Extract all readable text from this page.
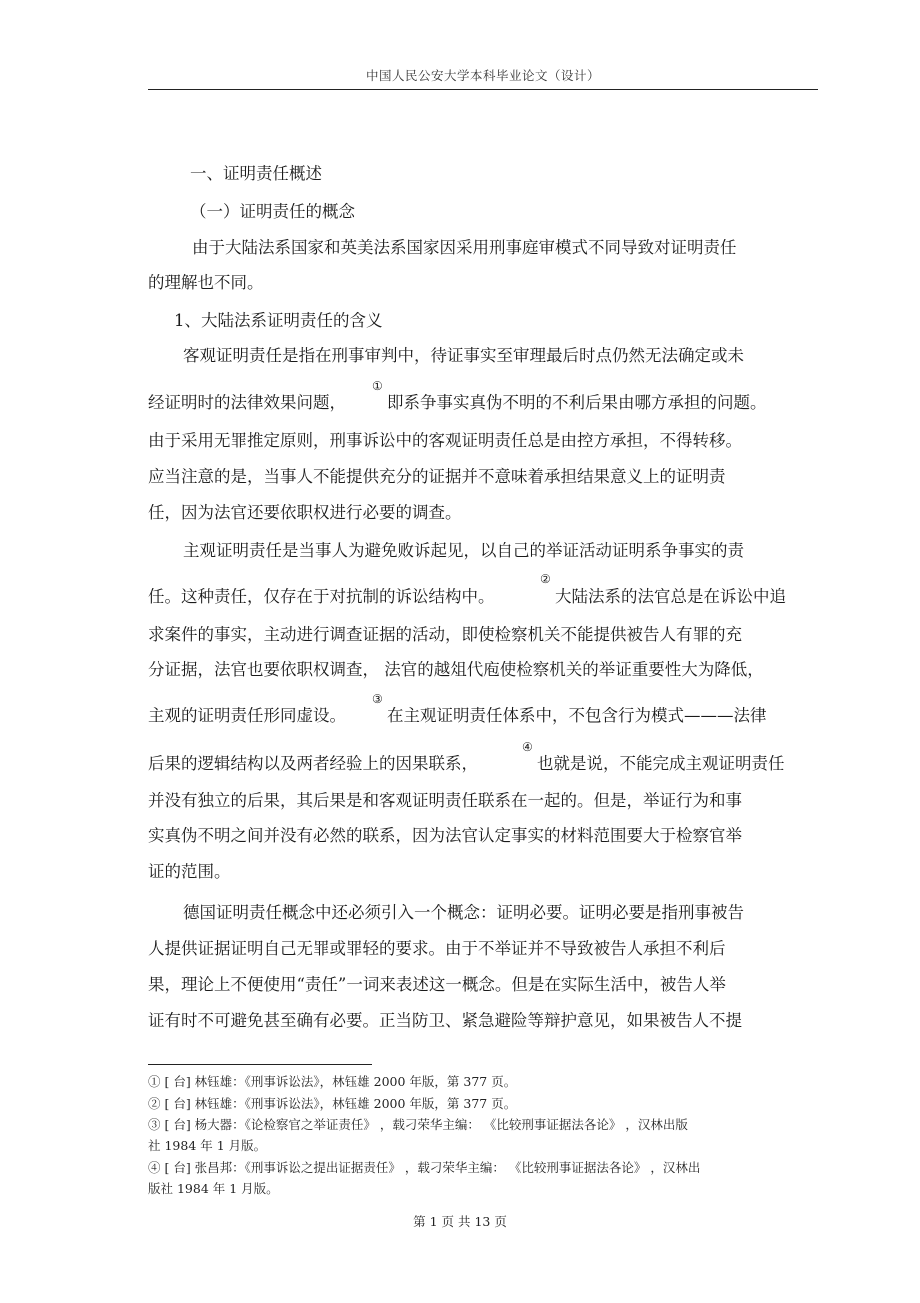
中国人民公安大学本科毕业论文（设计）
一、证明责任概述
（一）证明责任的概念
由于大陆法系国家和英美法系国家因采用刑事庭审模式不同导致对证明责任
的理解也不同。
1、大陆法系证明责任的含义
客观证明责任是指在刑事审判中，待证事实至审理最后时点仍然无法确定或未
经证明时的法律效果问题，
①
即系争事实真伪不明的不利后果由哪方承担的问题。
由于采用无罪推定原则，刑事诉讼中的客观证明责任总是由控方承担，不得转移。
应当注意的是，当事人不能提供充分的证据并不意味着承担结果意义上的证明责
任，因为法官还要依职权进行必要的调查。
主观证明责任是当事人为避免败诉起见，以自己的举证活动证明系争事实的责
任。这种责任，仅存在于对抗制的诉讼结构中。
②
大陆法系的法官总是在诉讼中追
求案件的事实，主动进行调查证据的活动，即使检察机关不能提供被告人有罪的充
分证据，法官也要依职权调查， 法官的越俎代庖使检察机关的举证重要性大为降低，
主观的证明责任形同虚设。
③
在主观证明责任体系中，不包含行为模式———法律
后果的逻辑结构以及两者经验上的因果联系，
④
也就是说，不能完成主观证明责任
并没有独立的后果，其后果是和客观证明责任联系在一起的。但是，举证行为和事
实真伪不明之间并没有必然的联系，因为法官认定事实的材料范围要大于检察官举
证的范围。
德国证明责任概念中还必须引入一个概念：证明必要。证明必要是指刑事被告
人提供证据证明自己无罪或罪轻的要求。由于不举证并不导致被告人承担不利后
果，理论上不便使用“责任”一词来表述这一概念。但是在实际生活中，被告人举
证有时不可避免甚至确有必要。正当防卫、紧急避险等辩护意见，如果被告人不提
① [ 台] 林钰雄：《刑事诉讼法》，林钰雄 2000 年版，第 377 页。
② [ 台] 林钰雄：《刑事诉讼法》，林钰雄 2000 年版，第 377 页。
③ [ 台] 杨大器：《论检察官之举证责任》 ，载刁荣华主编： 《比较刑事证据法各论》 ，汉林出版
社 1984 年 1 月版。
④ [ 台] 张昌邦：《刑事诉讼之提出证据责任》 ，载刁荣华主编： 《比较刑事证据法各论》 ，汉林出
版社 1984 年 1 月版。
第 1 页 共 13 页
